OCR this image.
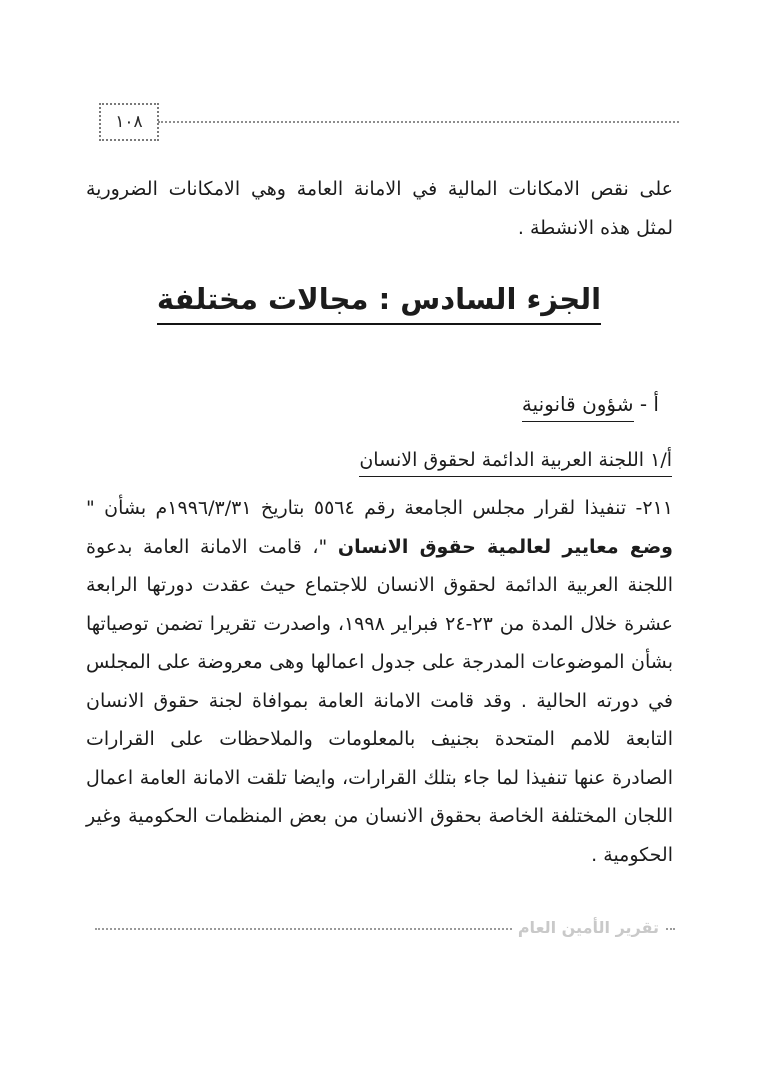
١٠٨

على نقص الامكانات المالية في الامانة العامة وهي الامكانات الضرورية لمثل هذه الانشطة .

الجزء السادس : مجالات مختلفة
أ - شؤون قانونية
أ/١ اللجنة العربية الدائمة لحقوق الانسان

٢١١- تنفيذا لقرار مجلس الجامعة رقم ٥٥٦٤ بتاريخ ١٩٩٦/٣/٣١م بشأن " وضع معايير لعالمية حقوق الانسان "، قامت الامانة العامة بدعوة اللجنة العربية الدائمة لحقوق الانسان للاجتماع حيث عقدت دورتها الرابعة عشرة خلال المدة من ٢٣-٢٤ فبراير ١٩٩٨، واصدرت تقريرا تضمن توصياتها بشأن الموضوعات المدرجة على جدول اعمالها وهى معروضة على المجلس في دورته الحالية . وقد قامت الامانة العامة بموافاة لجنة حقوق الانسان التابعة للامم المتحدة بجنيف بالمعلومات والملاحظات على القرارات الصادرة عنها تنفيذا لما جاء بتلك القرارات، وايضا تلقت الامانة العامة اعمال اللجان المختلفة الخاصة بحقوق الانسان من بعض المنظمات الحكومية وغير الحكومية .

تقرير الأمين العام
